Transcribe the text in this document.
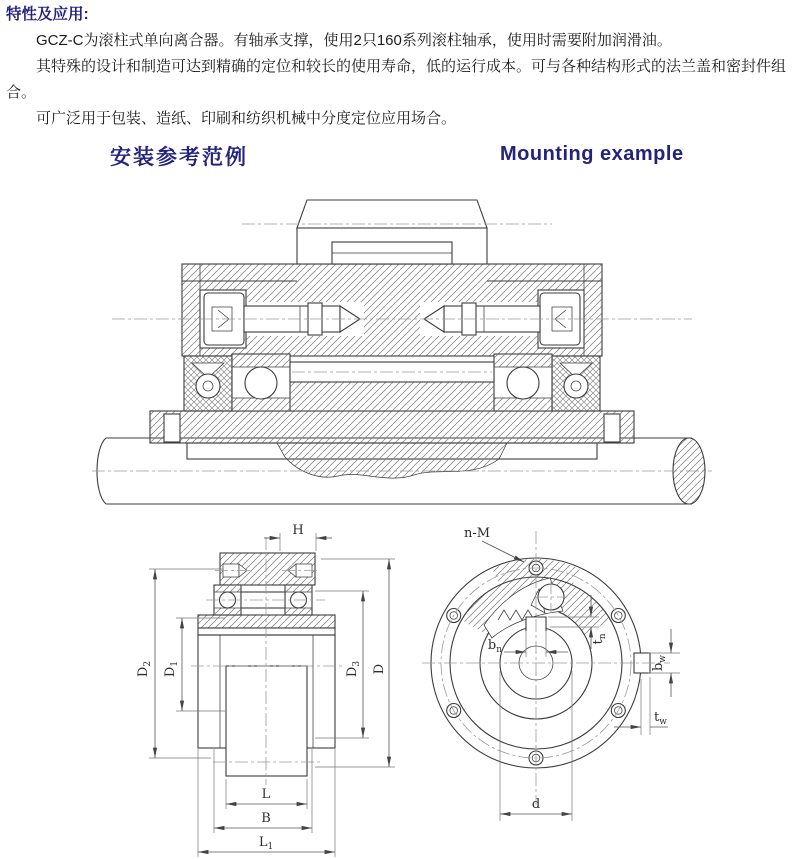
特性及应用:

GCZ-C为滚柱式单向离合器。有轴承支撑，使用2只160系列滚柱轴承，使用时需要附加润滑油。

其特殊的设计和制造可达到精确的定位和较长的使用寿命，低的运行成本。可与各种结构形式的法兰盖和密封件组合。

可广泛用于包装、造纸、印刷和纺织机械中分度定位应用场合。

安装参考范例	Mounting example
H
$D_2$
$D_1$
$D_3$ D
L
B
$L_1$
n-M
$b_n$
$t_n$
$b_w$
$t_w$
d
